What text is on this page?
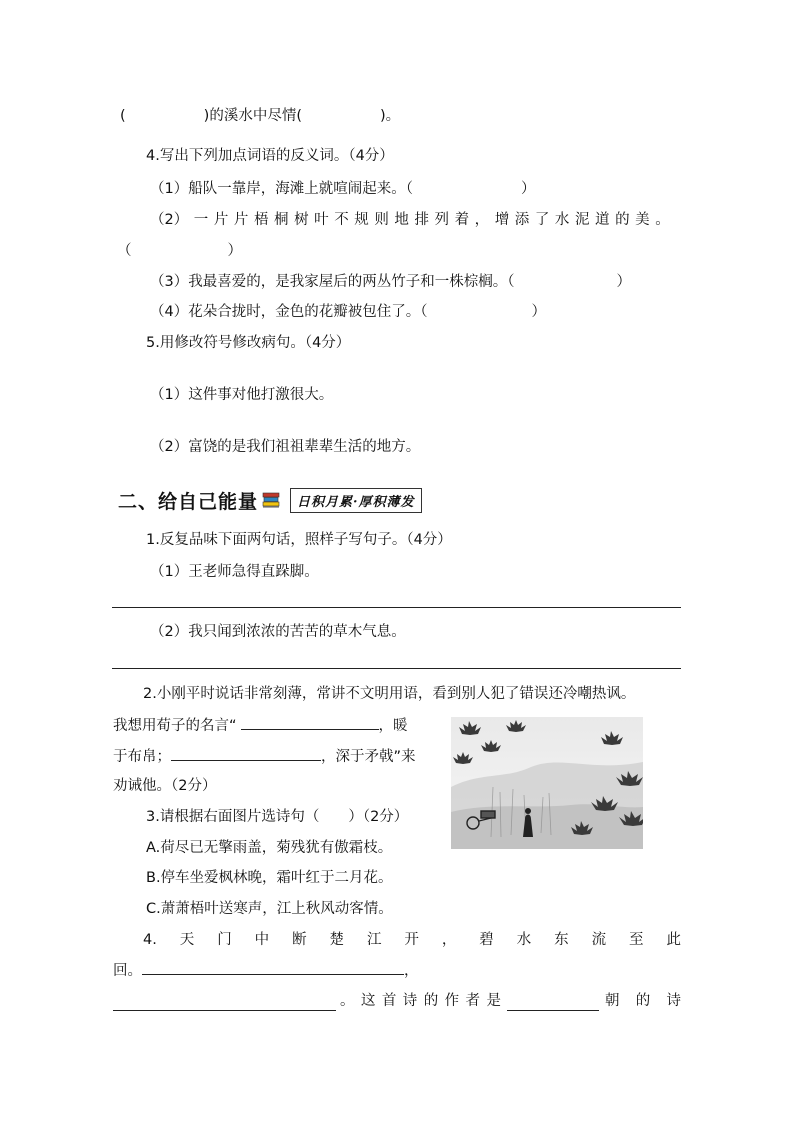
(	)的溪水中尽情(	)。
4.写出下列加点词语的反义词。（4分）
（1）船队一靠岸，海滩上就喧闹起来。（	）
（2） 一 片 片 梧 桐 树 叶 不 规 则 地 排 列 着 ， 增 添 了 水 泥 道 的 美 。
（	）
（3）我最喜爱的，是我家屋后的两丛竹子和一株棕榈。（	）
（4）花朵合拢时，金色的花瓣被包住了。（	）
5.用修改符号修改病句。（4分）
（1）这件事对他打激很大。
（2）富饶的是我们祖祖辈辈生活的地方。
二、给自己能量	日积月累·厚积薄发
1.反复品味下面两句话，照样子写句子。（4分）
（1）王老师急得直跺脚。
（2）我只闻到浓浓的苦苦的草木气息。
2.小刚平时说话非常刻薄，常讲不文明用语，看到别人犯了错误还冷嘲热讽。
我想用荀子的名言“	，暖
于布帛；	，深于矛戟”来
劝诫他。（2分）
3.请根据右面图片选诗句（　　）（2分）
A.荷尽已无擎雨盖，菊残犹有傲霜枝。
B.停车坐爱枫林晚，霜叶红于二月花。
C.萧萧梧叶送寒声，江上秋风动客情。
4. 天 门 中 断 楚 江 开 ， 碧 水 东 流 至 此
回。	，
。 这 首 诗 的 作 者 是	朝 的 诗
